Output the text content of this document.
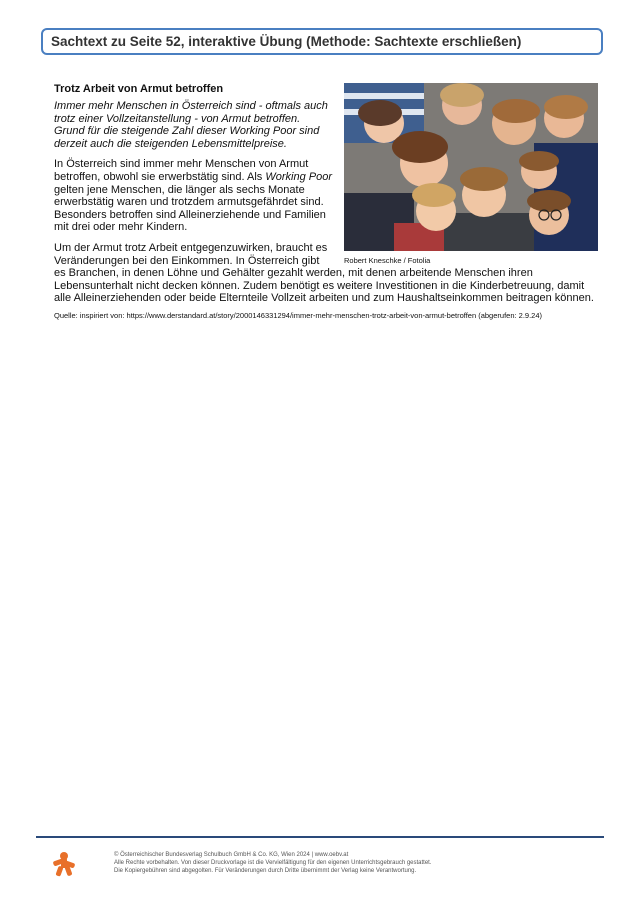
Sachtext zu Seite 52, interaktive Übung (Methode: Sachtexte erschließen)
Robert Kneschke / Fotolia
Trotz Arbeit von Armut betroffen

Immer mehr Menschen in Österreich sind - oftmals auch trotz einer Vollzeitanstellung - von Armut betroffen. Grund für die steigende Zahl dieser Working Poor sind derzeit auch die steigenden Lebensmittelpreise.

In Österreich sind immer mehr Menschen von Armut betroffen, obwohl sie erwerbstätig sind. Als Working Poor gelten jene Menschen, die länger als sechs Monate erwerbstätig waren und trotzdem armutsgefährdet sind. Besonders betroffen sind Alleinerziehende und Familien mit drei oder mehr Kindern.

Um der Armut trotz Arbeit entgegenzuwirken, braucht es Veränderungen bei den Einkommen. In Österreich gibt es Branchen, in denen Löhne und Gehälter gezahlt werden, mit denen arbeitende Menschen ihren Lebensunterhalt nicht decken können. Zudem benötigt es weitere Investitionen in die Kinderbetreuung, damit alle Alleinerziehenden oder beide Elternteile Vollzeit arbeiten und zum Haushaltseinkommen beitragen können.

Quelle: inspiriert von: https://www.derstandard.at/story/2000146331294/immer-mehr-menschen-trotz-arbeit-von-armut-betroffen (abgerufen: 2.9.24)
© Österreichischer Bundesverlag Schulbuch GmbH & Co. KG, Wien 2024 | www.oebv.at
Alle Rechte vorbehalten. Von dieser Druckvorlage ist die Vervielfältigung für den eigenen Unterrichtsgebrauch gestattet.
Die Kopiergebühren sind abgegolten. Für Veränderungen durch Dritte übernimmt der Verlag keine Verantwortung.
